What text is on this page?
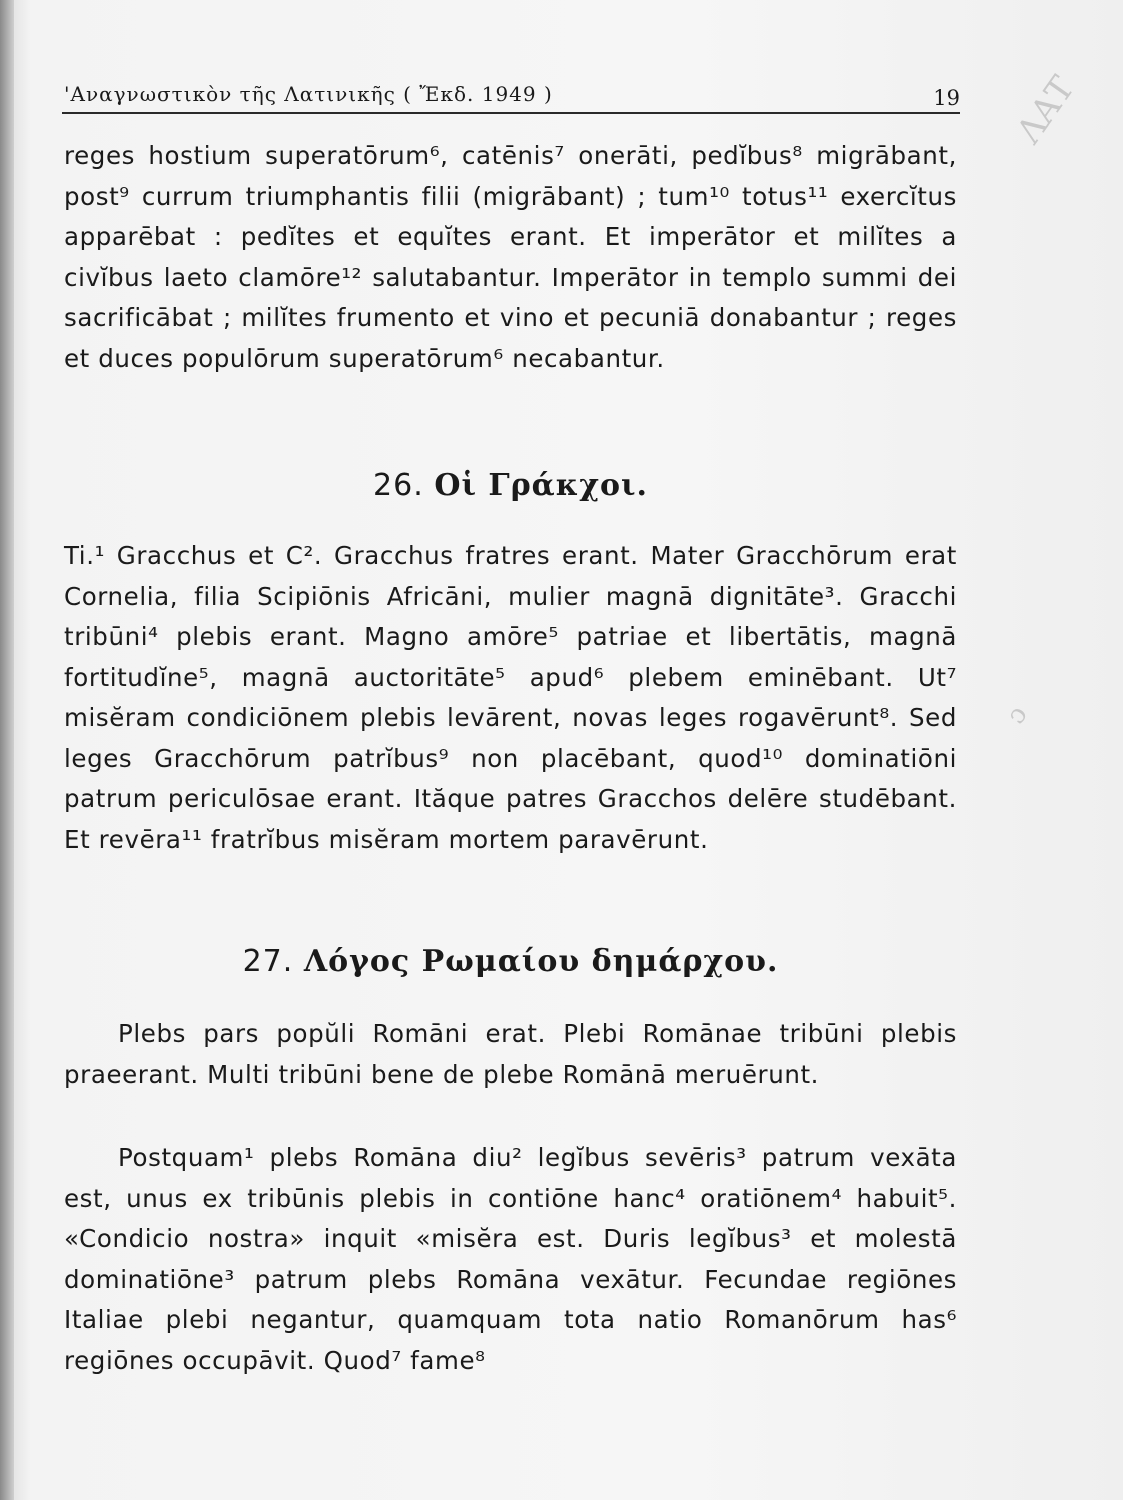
ΛΑΤ
ɔ
'Αναγνωστικὸν τῆς Λατινικῆς ( Ἔκδ. 1949 )	19

reges hostium superatōrum⁶, catēnis⁷ onerāti, pedĭbus⁸ migrābant, post⁹ currum triumphantis filii (migrābant) ; tum¹⁰ totus¹¹ exercĭtus apparēbat : pedĭtes et equĭtes erant. Et imperātor et milĭtes a civĭbus laeto clamōre¹² salutabantur. Imperātor in templo summi dei sacrificābat ; milĭtes frumento et vino et pecuniā donabantur ; reges et duces populōrum superatōrum⁶ necabantur.

26. Οἱ Γράκχοι.

Ti.¹ Gracchus et C². Gracchus fratres erant. Mater Gracchōrum erat Cornelia, filia Scipiōnis Africāni, mulier magnā dignitāte³. Gracchi tribūni⁴ plebis erant. Magno amōre⁵ patriae et libertātis, magnā fortitudĭne⁵, magnā auctoritāte⁵ apud⁶ plebem eminēbant. Ut⁷ misĕram condiciōnem plebis levārent, novas leges rogavērunt⁸. Sed leges Gracchōrum patrĭbus⁹ non placēbant, quod¹⁰ dominatiōni patrum periculōsae erant. Ităque patres Gracchos delēre studēbant. Et revēra¹¹ fratrĭbus misĕram mortem paravērunt.

27. Λόγος Ρωμαίου δημάρχου.

Plebs pars popŭli Romāni erat. Plebi Romānae tribūni plebis praeerant. Multi tribūni bene de plebe Romānā meruērunt.

Postquam¹ plebs Romāna diu² legĭbus sevēris³ patrum vexāta est, unus ex tribūnis plebis in contiōne hanc⁴ oratiōnem⁴ habuit⁵. «Condicio nostra» inquit «misĕra est. Duris legĭbus³ et molestā dominatiōne³ patrum plebs Romāna vexātur. Fecundae regiōnes Italiae plebi negantur, quamquam tota natio Romanōrum has⁶ regiōnes occupāvit. Quod⁷ fame⁸
